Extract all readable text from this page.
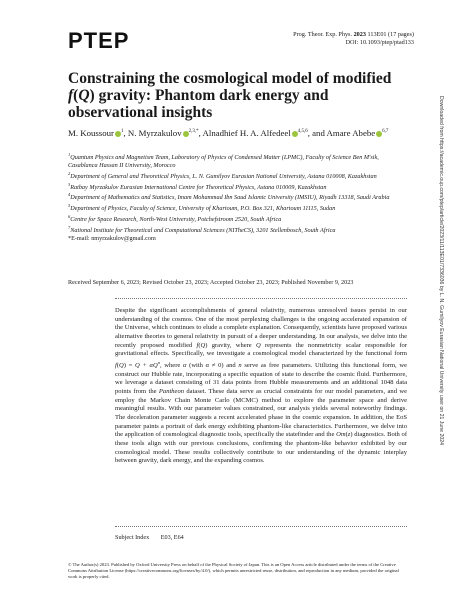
PTEP	Prog. Theor. Exp. Phys. 2023 113E01 (17 pages)
DOI: 10.1093/ptep/ptad133
Constraining the cosmological model of modified f(Q) gravity: Phantom dark energy and observational insights
M. Koussour $^1$, N. Myrzakulov $^{2,3,*}$, Alnadhief H. A. Alfedeel $^{4,5,6}$, and Amare Abebe $^{6,7}$
$^1$Quantum Physics and Magnetism Team, Laboratory of Physics of Condensed Matter (LPMC), Faculty of Science Ben M'sik, Casablanca Hassan II University, Morocco
$^2$Department of General and Theoretical Physics, L. N. Gumilyov Eurasian National University, Astana 010008, Kazakhstan
$^3$Ratbay Myrzakulov Eurasian International Centre for Theoretical Physics, Astana 010009, Kazakhstan
$^4$Department of Mathematics and Statistics, Imam Mohammad Ibn Saud Islamic University (IMSIU), Riyadh 13318, Saudi Arabia
$^5$Department of Physics, Faculty of Science, University of Khartoum, P.O. Box 321, Khartoum 11115, Sudan
$^6$Centre for Space Research, North-West University, Potchefstroom 2520, South Africa
$^7$National Institute for Theoretical and Computational Sciences (NITheCS), 3201 Stellenbosch, South Africa
*E-mail: nmyrzakulov@gmail.com
Received September 6, 2023; Revised October 23, 2023; Accepted October 23, 2023; Published November 9, 2023

Despite the significant accomplishments of general relativity, numerous unresolved issues persist in our understanding of the cosmos. One of the most perplexing challenges is the ongoing accelerated expansion of the Universe, which continues to elude a complete explanation. Consequently, scientists have proposed various alternative theories to general relativity in pursuit of a deeper understanding. In our analysis, we delve into the recently proposed modified f(Q) gravity, where Q represents the nonmetricity scalar responsible for gravitational effects. Specifically, we investigate a cosmological model characterized by the functional form $f(Q) = Q + \alpha Q^n$, where α (with α ≠ 0) and n serve as free parameters. Utilizing this functional form, we construct our Hubble rate, incorporating a specific equation of state to describe the cosmic fluid. Furthermore, we leverage a dataset consisting of 31 data points from Hubble measurements and an additional 1048 data points from the Pantheon dataset. These data serve as crucial constraints for our model parameters, and we employ the Markov Chain Monte Carlo (MCMC) method to explore the parameter space and derive meaningful results. With our parameter values constrained, our analysis yields several noteworthy findings. The deceleration parameter suggests a recent accelerated phase in the cosmic expansion. In addition, the EoS parameter paints a portrait of dark energy exhibiting phantom-like characteristics. Furthermore, we delve into the application of cosmological diagnostic tools, specifically the statefinder and the Om(z) diagnostics. Both of these tools align with our previous conclusions, confirming the phantom-like behavior exhibited by our cosmological model. These results collectively contribute to our understanding of the dynamic interplay between gravity, dark energy, and the expanding cosmos.

Subject Index E03, E64
© The Author(s) 2023. Published by Oxford University Press on behalf of the Physical Society of Japan. This is an Open Access article distributed under the terms of the Creative Commons Attribution License (https://creativecommons.org/licenses/by/4.0/), which permits unrestricted reuse, distribution, and reproduction in any medium, provided the original work is properly cited.
Downloaded from https://academic.oup.com/ptep/article/2023/11/113E01/7336036 by L. N. Gumilyov Eurasian National University user on 21 June 2024
